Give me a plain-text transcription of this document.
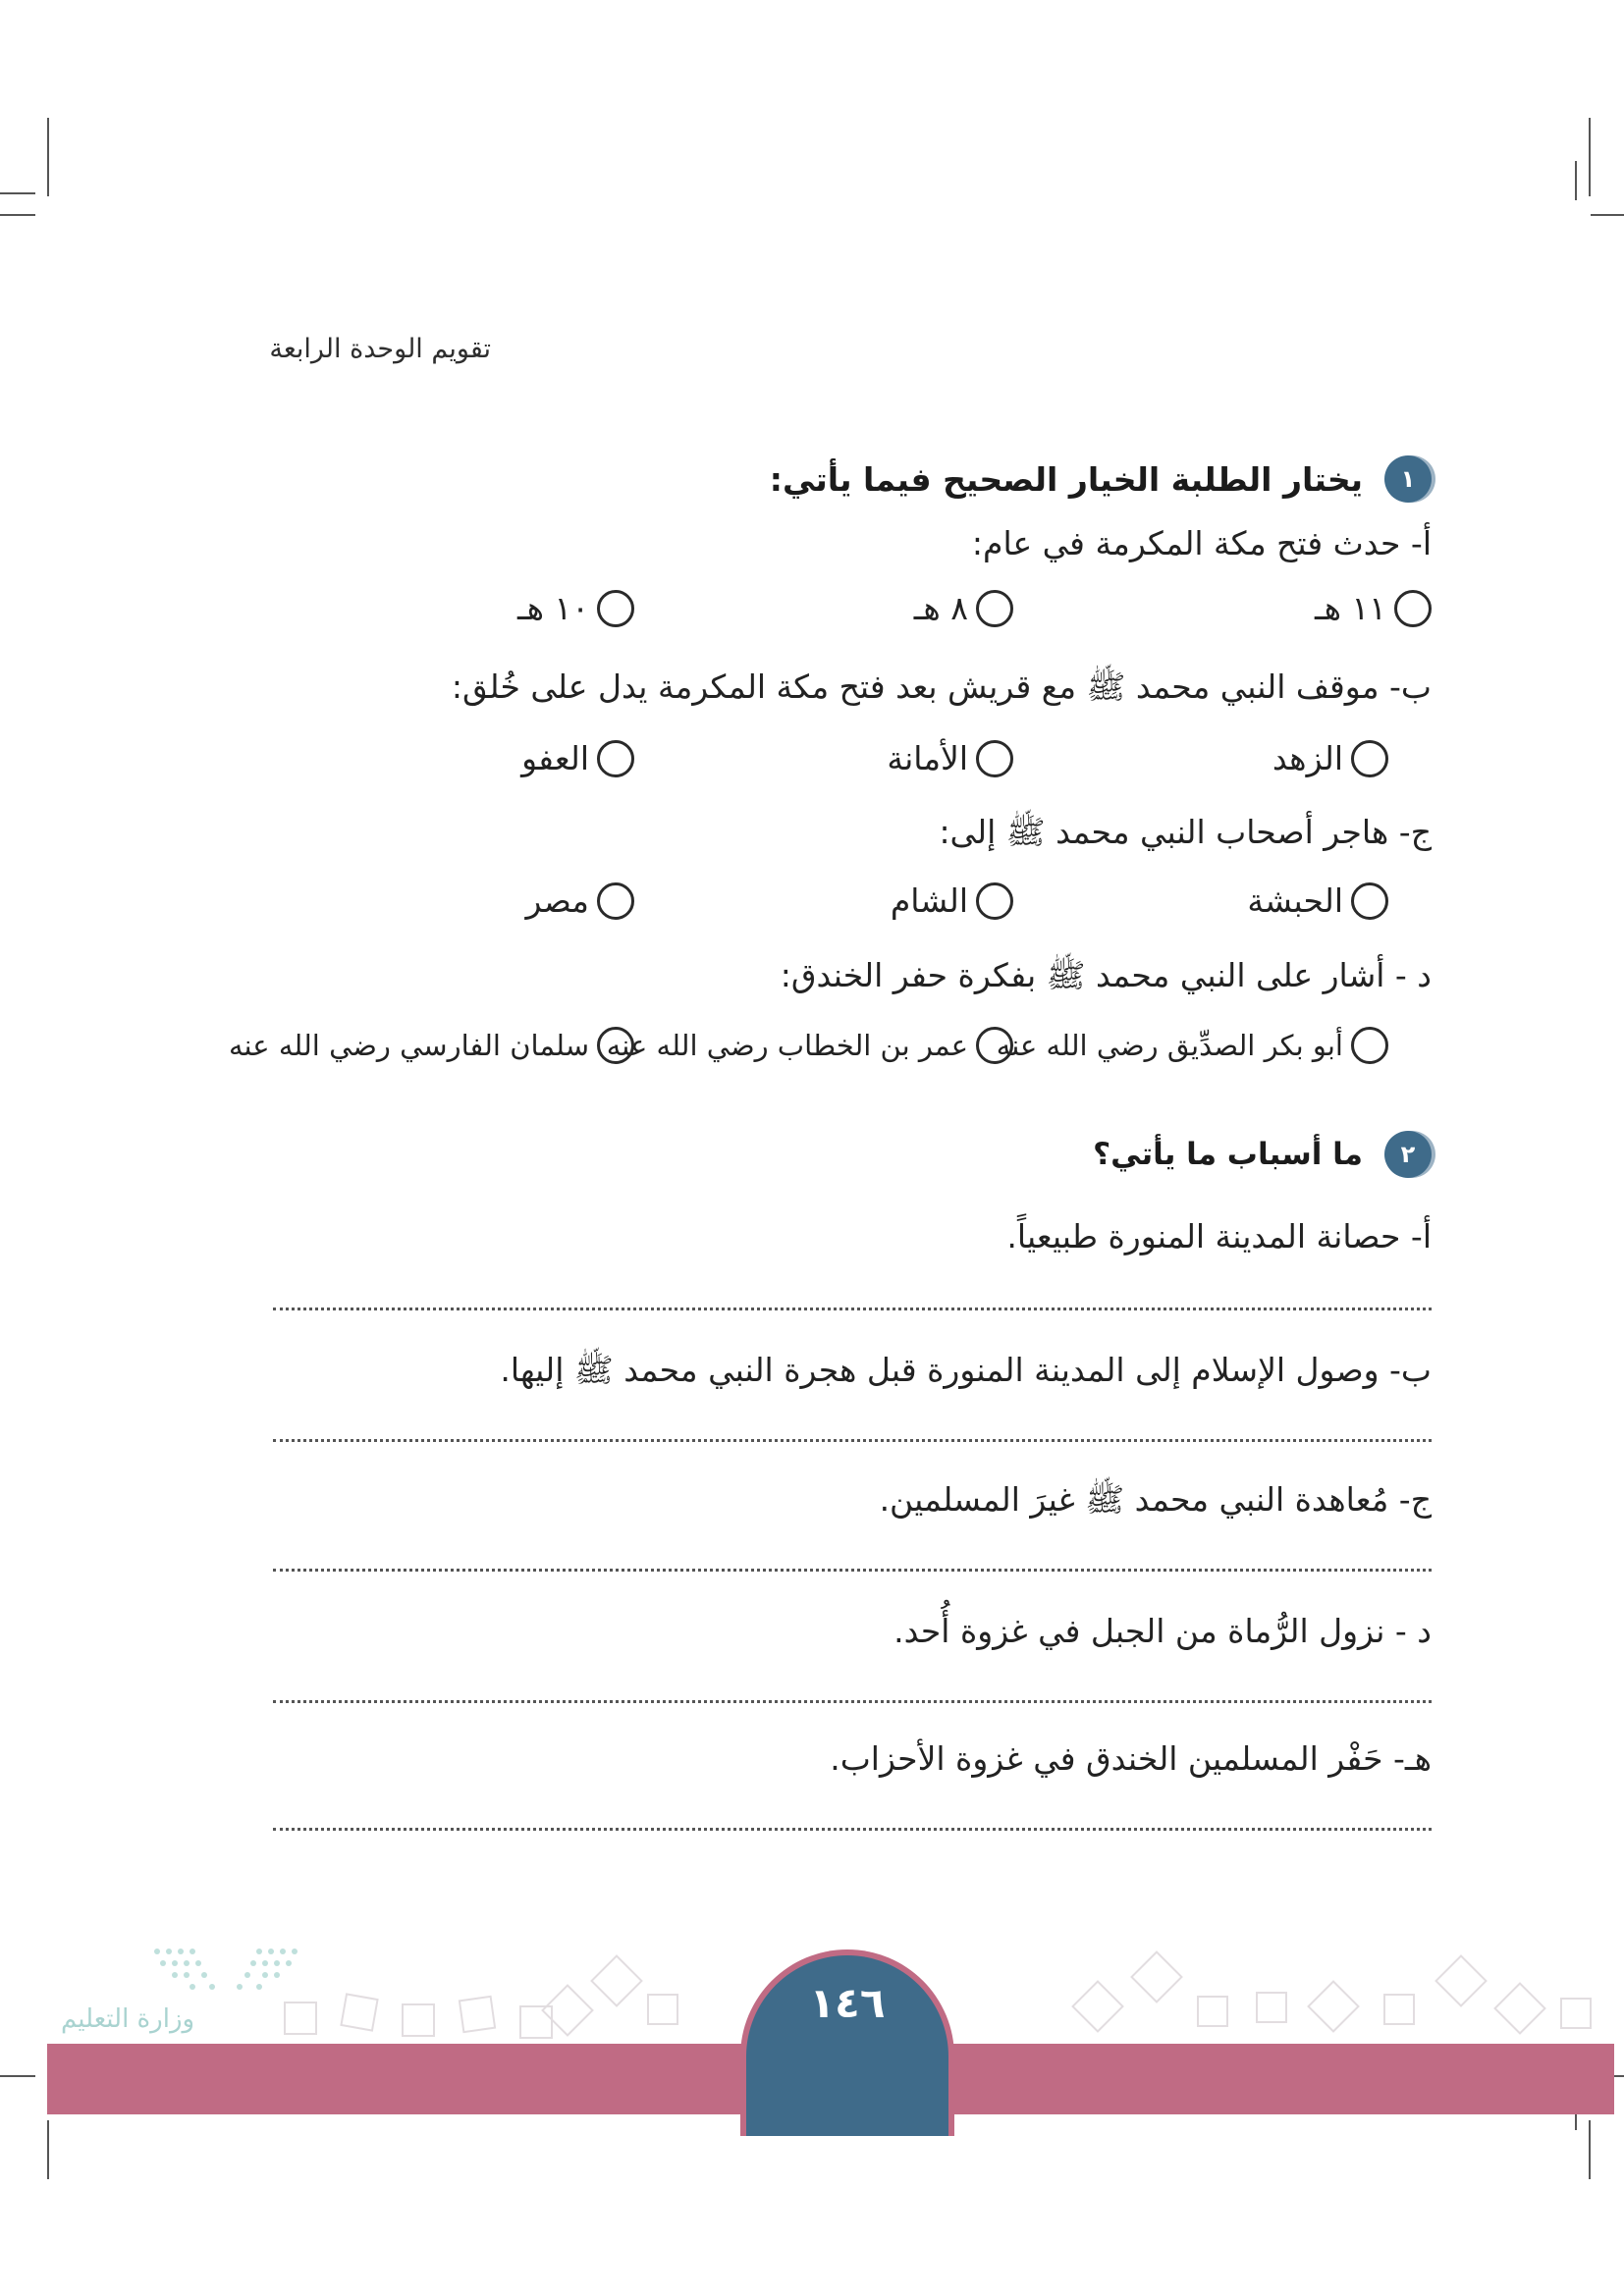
تقويم الوحدة الرابعة
١
يختار الطلبة الخيار الصحيح فيما يأتي:
أ- حدث فتح مكة المكرمة في عام:
١١ هـ
٨ هـ
١٠ هـ
ب- موقف النبي محمد ﷺ مع قريش بعد فتح مكة المكرمة يدل على خُلق:
الزهد
الأمانة
العفو
ج- هاجر أصحاب النبي محمد ﷺ إلى:
الحبشة
الشام
مصر
د - أشار على النبي محمد ﷺ بفكرة حفر الخندق:
أبو بكر الصدِّيق رضي الله عنه
عمر بن الخطاب رضي الله عنه
سلمان الفارسي رضي الله عنه
٢
ما أسباب ما يأتي؟
أ- حصانة المدينة المنورة طبيعياً.
ب- وصول الإسلام إلى المدينة المنورة قبل هجرة النبي محمد ﷺ إليها.
ج- مُعاهدة النبي محمد ﷺ غيرَ المسلمين.
د - نزول الرُّماة من الجبل في غزوة أُحد.
هـ- حَفْر المسلمين الخندق في غزوة الأحزاب.
وزارة التعليم	١٤٦
